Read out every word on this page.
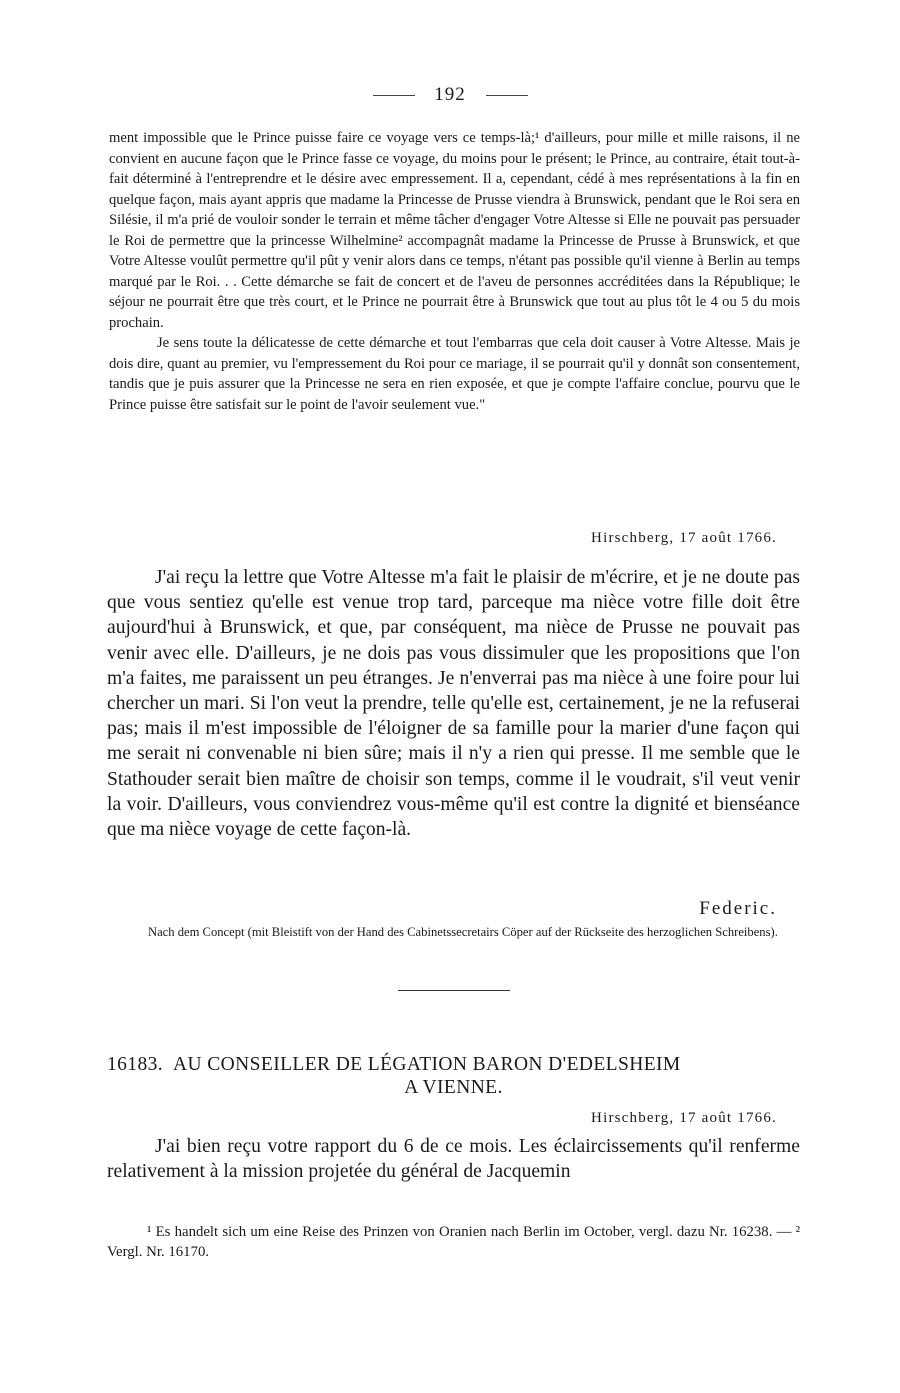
192

ment impossible que le Prince puisse faire ce voyage vers ce temps-là;¹ d'ailleurs, pour mille et mille raisons, il ne convient en aucune façon que le Prince fasse ce voyage, du moins pour le présent; le Prince, au contraire, était tout-à-fait déterminé à l'entreprendre et le désire avec empressement. Il a, cependant, cédé à mes représentations à la fin en quelque façon, mais ayant appris que madame la Princesse de Prusse viendra à Brunswick, pendant que le Roi sera en Silésie, il m'a prié de vouloir sonder le terrain et même tâcher d'engager Votre Altesse si Elle ne pouvait pas persuader le Roi de permettre que la princesse Wilhelmine² accompagnât madame la Princesse de Prusse à Brunswick, et que Votre Altesse voulût permettre qu'il pût y venir alors dans ce temps, n'étant pas possible qu'il vienne à Berlin au temps marqué par le Roi. . . Cette démarche se fait de concert et de l'aveu de personnes accréditées dans la République; le séjour ne pourrait être que très court, et le Prince ne pourrait être à Brunswick que tout au plus tôt le 4 ou 5 du mois prochain.

Je sens toute la délicatesse de cette démarche et tout l'embarras que cela doit causer à Votre Altesse. Mais je dois dire, quant au premier, vu l'empressement du Roi pour ce mariage, il se pourrait qu'il y donnât son consentement, tandis que je puis assurer que la Princesse ne sera en rien exposée, et que je compte l'affaire conclue, pourvu que le Prince puisse être satisfait sur le point de l'avoir seulement vue."

Hirschberg, 17 août 1766.

J'ai reçu la lettre que Votre Altesse m'a fait le plaisir de m'écrire, et je ne doute pas que vous sentiez qu'elle est venue trop tard, parceque ma nièce votre fille doit être aujourd'hui à Brunswick, et que, par conséquent, ma nièce de Prusse ne pouvait pas venir avec elle. D'ailleurs, je ne dois pas vous dissimuler que les propositions que l'on m'a faites, me paraissent un peu étranges. Je n'enverrai pas ma nièce à une foire pour lui chercher un mari. Si l'on veut la prendre, telle qu'elle est, certainement, je ne la refuserai pas; mais il m'est impossible de l'éloigner de sa famille pour la marier d'une façon qui me serait ni convenable ni bien sûre; mais il n'y a rien qui presse. Il me semble que le Stathouder serait bien maître de choisir son temps, comme il le voudrait, s'il veut venir la voir. D'ailleurs, vous conviendrez vous-même qu'il est contre la dignité et bienséance que ma nièce voyage de cette façon-là.

Federic.
Nach dem Concept (mit Bleistift von der Hand des Cabinetssecretairs Cöper auf der Rückseite des herzoglichen Schreibens).
16183. AU CONSEILLER DE LÉGATION BARON D'EDELSHEIM
A VIENNE.
Hirschberg, 17 août 1766.

J'ai bien reçu votre rapport du 6 de ce mois. Les éclaircissements qu'il renferme relativement à la mission projetée du général de Jacquemin

¹ Es handelt sich um eine Reise des Prinzen von Oranien nach Berlin im October, vergl. dazu Nr. 16238. — ² Vergl. Nr. 16170.
